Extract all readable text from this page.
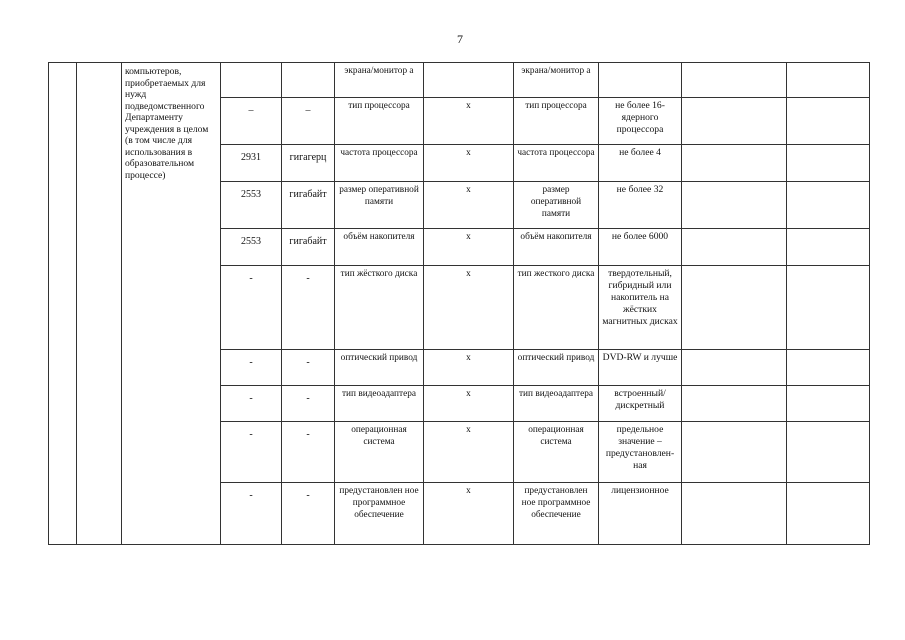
7
		компьютеров, приобретаемых для нужд подведомственного Департаменту учреждения в целом (в том числе для использования в образовательном процессе)			экрана/монитор а		экрана/монитор а			
			–	–	тип процессора	х	тип процессора	не более 16-ядерного процессора		
			2931	гигагерц	частота процессора	х	частота процессора	не более 4		
			2553	гигабайт	размер оперативной памяти	х	размер оперативной памяти	не более 32		
			2553	гигабайт	объём накопителя	х	объём накопителя	не более 6000		
			-	-	тип жёсткого диска	х	тип жесткого диска	твердотельный, гибридный или накопитель на жёстких магнитных дисках		
			-	-	оптический привод	х	оптический привод	DVD-RW и лучше		
			-	-	тип видеоадаптера	х	тип видеоадаптера	встроенный/ дискретный		
			-	-	операционная система	х	операционная система	предельное значение – предустановлен-ная		
			-	-	предустановлен ное программное обеспечение	х	предустановлен ное программное обеспечение	лицензионное		
